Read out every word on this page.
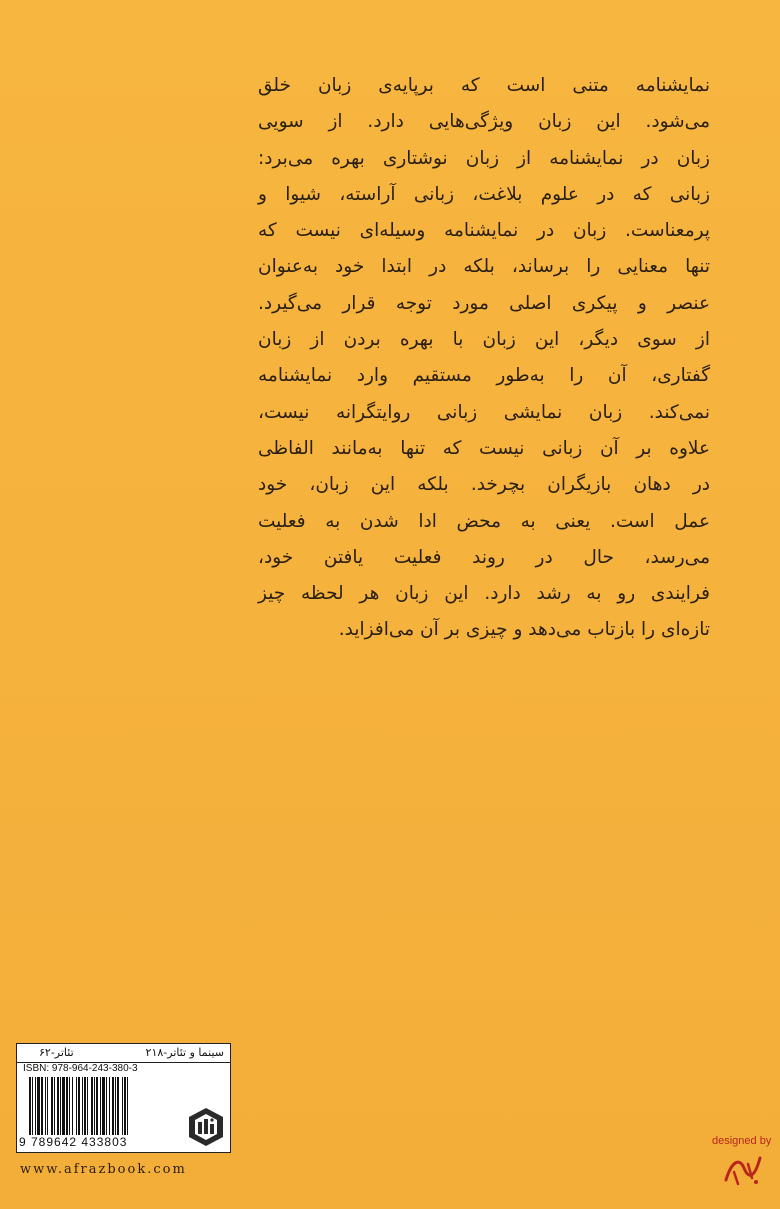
نمایشنامه متنی است که برپایه‌ی زبان خلق
می‌شود. این زبان ویژگی‌هایی دارد. از سویی
زبان در نمایشنامه از زبان نوشتاری بهره می‌برد:
زبانی که در علوم بلاغت، زبانی آراسته، شیوا و
پرمعناست. زبان در نمایشنامه وسیله‌ای نیست که
تنها معنایی را برساند، بلکه در ابتدا خود به‌عنوان
عنصر و پیکری اصلی مورد توجه قرار می‌گیرد.
از سوی دیگر، این زبان با بهره بردن از زبان
گفتاری، آن را به‌طور مستقیم وارد نمایشنامه
نمی‌کند. زبان نمایشی زبانی روایتگرانه نیست،
علاوه بر آن زبانی نیست که تنها به‌مانند الفاظی
در دهان بازیگران بچرخد. بلکه این زبان، خود
عمل است. یعنی به محض ادا شدن به فعلیت
می‌رسد، حال در روند فعلیت یافتن خود،
فرایندی رو به رشد دارد. این زبان هر لحظه چیز
تازه‌ای را بازتاب می‌دهد و چیزی بر آن می‌افزاید.
سینما و تئاتر-۲۱۸
تئاتر-۶۲
ISBN: 978-964-243-380-3
9 789642 433803
www.afrazbook.com
designed by
